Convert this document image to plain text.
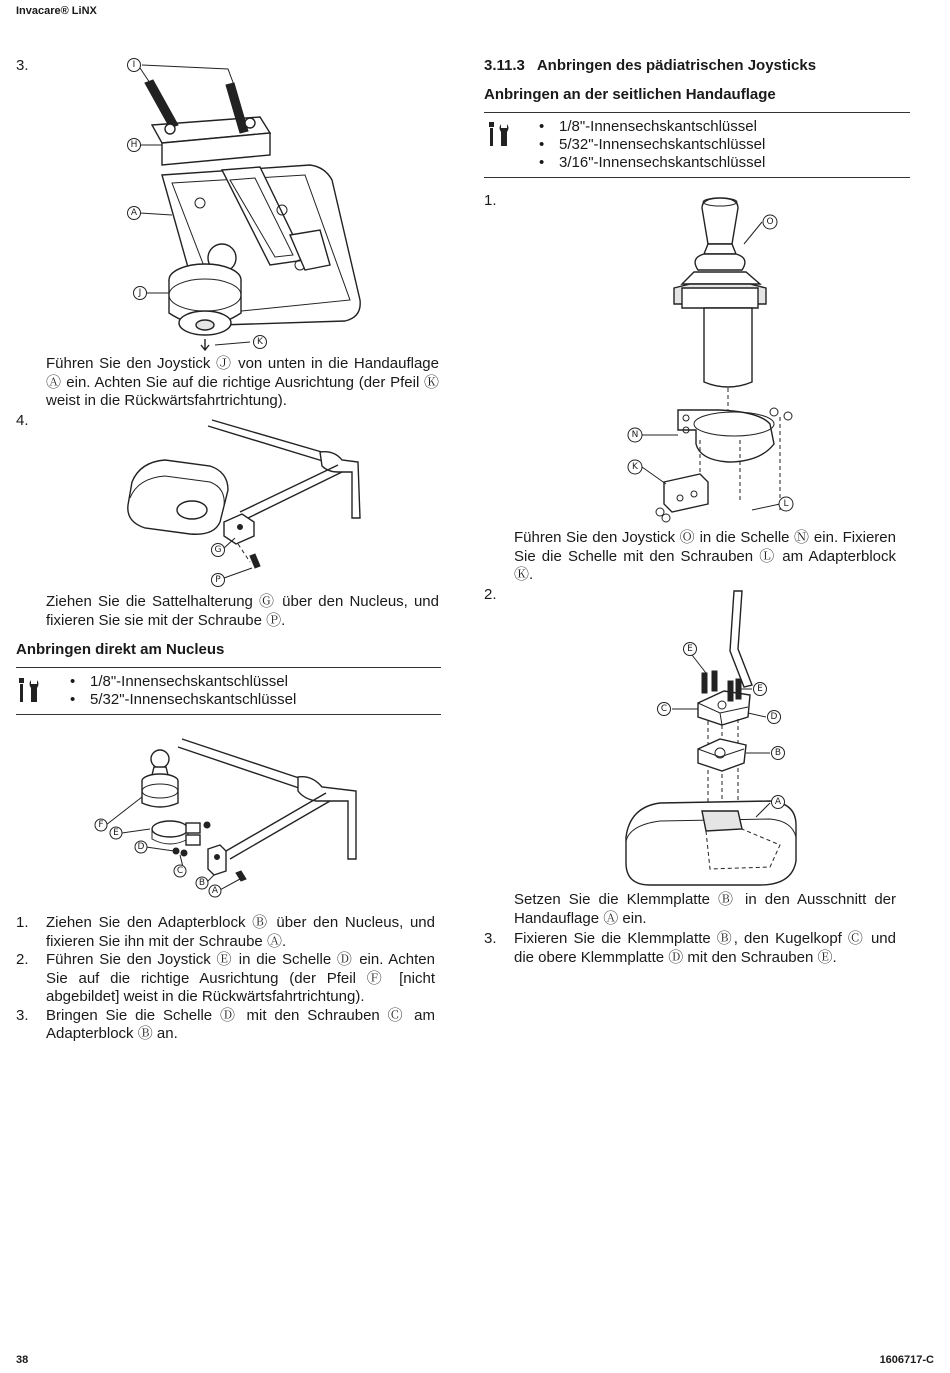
Invacare® LiNX
38	1606717-C
3.	I
H
A
J
K
Führen Sie den Joystick Ⓙ von unten in die Handauflage Ⓐ ein. Achten Sie auf die richtige Ausrichtung (der Pfeil Ⓚ weist in die Rückwärtsfahrtrichtung).
4.
G
P
Ziehen Sie die Sattelhalterung Ⓖ über den Nucleus, und fixieren Sie sie mit der Schraube Ⓟ.
Anbringen direkt am Nucleus
• 1/8"-Innensechskantschlüssel
• 5/32"-Innensechskantschlüssel
F
E
D
C
B
A
1. Ziehen Sie den Adapterblock Ⓑ über den Nucleus, und fixieren Sie ihn mit der Schraube Ⓐ.
2. Führen Sie den Joystick Ⓔ in die Schelle Ⓓ ein. Achten Sie auf die richtige Ausrichtung (der Pfeil Ⓕ [nicht abgebildet] weist in die Rückwärtsfahrtrichtung).
3. Bringen Sie die Schelle Ⓓ mit den Schrauben Ⓒ am Adapterblock Ⓑ an.
3.11.3   Anbringen des pädiatrischen Joysticks
Anbringen an der seitlichen Handauflage
• 1/8"-Innensechskantschlüssel
• 5/32"-Innensechskantschlüssel
• 3/16"-Innensechskantschlüssel
1.
O
N
K
L
Führen Sie den Joystick Ⓞ in die Schelle Ⓝ ein. Fixieren Sie die Schelle mit den Schrauben Ⓛ am Adapterblock Ⓚ.
2.
E
E
C
D
B
A
Setzen Sie die Klemmplatte Ⓑ in den Ausschnitt der Handauflage Ⓐ ein.
3. Fixieren Sie die Klemmplatte Ⓑ, den Kugelkopf Ⓒ und die obere Klemmplatte Ⓓ mit den Schrauben Ⓔ.
